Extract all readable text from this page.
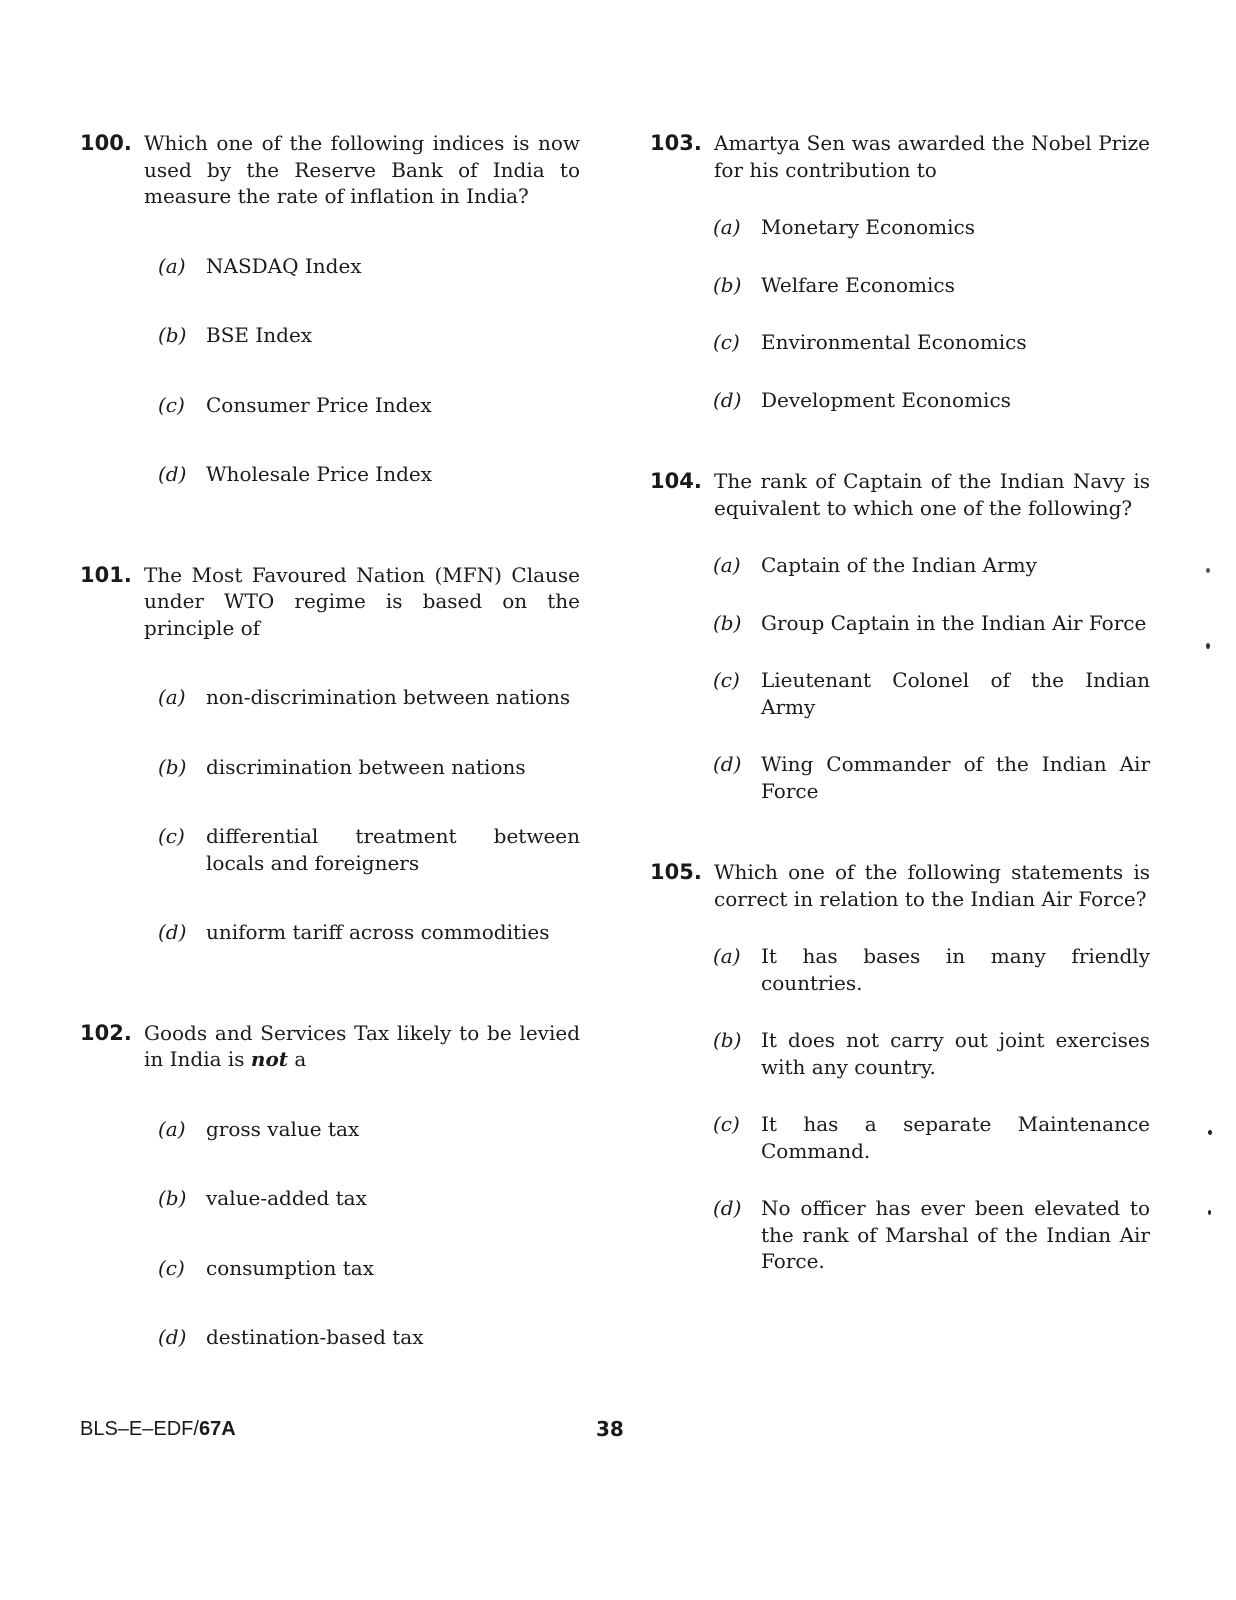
100. Which one of the following indices is now used by the Reserve Bank of India to measure the rate of inflation in India?
(a) NASDAQ Index
(b) BSE Index
(c) Consumer Price Index
(d) Wholesale Price Index
101. The Most Favoured Nation (MFN) Clause under WTO regime is based on the principle of
(a) non-discrimination between nations
(b) discrimination between nations
(c) differential treatment between locals and foreigners
(d) uniform tariff across commodities
102. Goods and Services Tax likely to be levied in India is not a
(a) gross value tax
(b) value-added tax
(c) consumption tax
(d) destination-based tax
103. Amartya Sen was awarded the Nobel Prize for his contribution to
(a) Monetary Economics
(b) Welfare Economics
(c) Environmental Economics
(d) Development Economics
104. The rank of Captain of the Indian Navy is equivalent to which one of the following?
(a) Captain of the Indian Army
(b) Group Captain in the Indian Air Force
(c) Lieutenant Colonel of the Indian Army
(d) Wing Commander of the Indian Air Force
105. Which one of the following statements is correct in relation to the Indian Air Force?
(a) It has bases in many friendly countries.
(b) It does not carry out joint exercises with any country.
(c) It has a separate Maintenance Command.
(d) No officer has ever been elevated to the rank of Marshal of the Indian Air Force.
BLS–E–EDF/67A	38
